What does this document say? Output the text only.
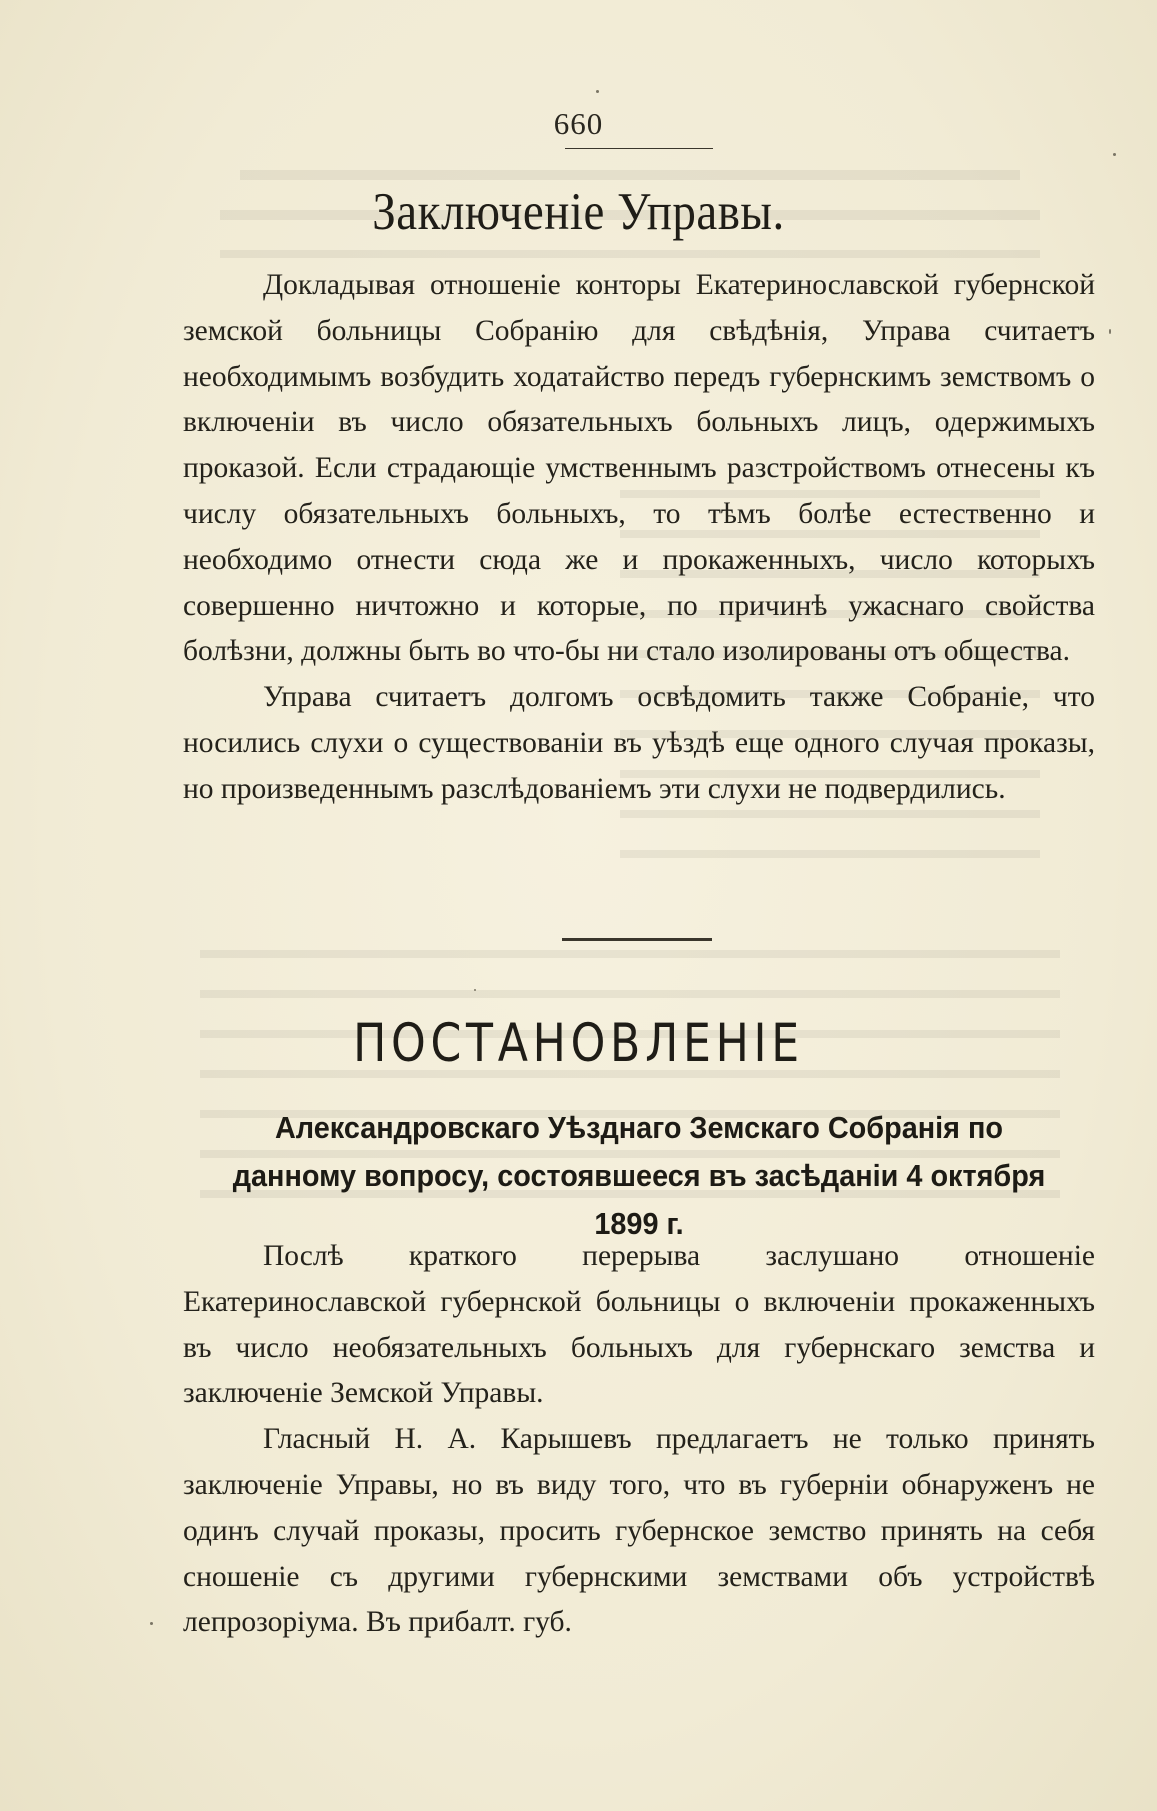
660
Заключеніе Управы.

Докладывая отношеніе конторы Екатеринославской губернской земской больницы Собранію для свѣдѣнія, Управа считаетъ необходимымъ возбудить ходатайство передъ губернскимъ земствомъ о включеніи въ число обязательныхъ больныхъ лицъ, одержимыхъ проказой. Если страдающіе умственнымъ разстройствомъ отнесены къ числу обязательныхъ больныхъ, то тѣмъ болѣе естественно и необходимо отнести сюда же и прокаженныхъ, число которыхъ совершенно ничтожно и которые, по причинѣ ужаснаго свойства болѣзни, должны быть во что-бы ни стало изолированы отъ общества.

Управа считаетъ долгомъ освѣдомить также Собраніе, что носились слухи о существованіи въ уѣздѣ еще одного случая проказы, но произведеннымъ разслѣдованіемъ эти слухи не подвердились.

ПОСТАНОВЛЕНІЕ
Александровскаго Уѣзднаго Земскаго Собранія по данному вопросу, состоявшееся въ засѣданіи 4 октября 1899 г.

Послѣ краткого перерыва заслушано отношеніе Екатеринославской губернской больницы о включеніи прокаженныхъ въ число необязательныхъ больныхъ для губернскаго земства и заключеніе Земской Управы.

Гласный Н. А. Карышевъ предлагаетъ не только принять заключеніе Управы, но въ виду того, что въ губерніи обнаруженъ не одинъ случай проказы, просить губернское земство принять на себя сношеніе съ другими губернскими земствами объ устройствѣ лепрозоріума. Въ прибалт. губ.
